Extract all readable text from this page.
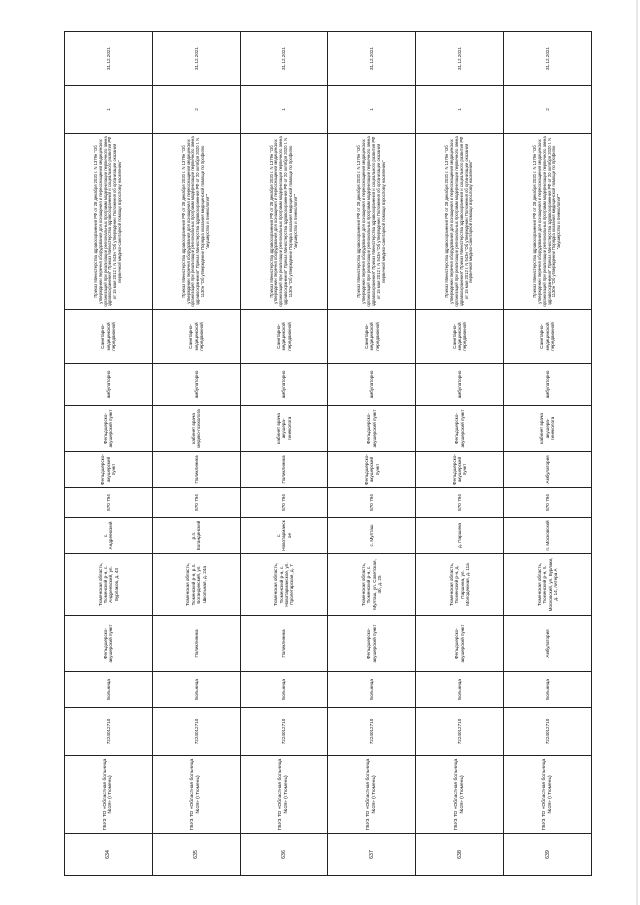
634	ГБУЗ ТО «Областная больница №19» (г.Тюмень)	7224012710	Больница	Фельдшерско-акушерский пункт	Тюменская область, Тюменский р-н, с. Андреевский, ул. Бурлаков, д. 43	с. Андреевский	870 794	Фельдшерско-акушерский пункт	Фельдшерско-акушерский пункт	амбулаторно	Санитарно-медицинской передвижной	Приказ Министерства здравоохранения РФ от 28 декабря 2020 г. N 1379н "Об утверждении перечня оборудования для оснащения и переоснащения медицинских организаций при реализации региональных программ модернизации первичного звена здравоохранения" Приказ Министерства здравоохранения и социального развития РФ от 15 мая 2012 г. N 543н "Об утверждении Положения об организации оказания первичной медико-санитарной помощи взрослому населению"	1	31.12.2021
635	ГБУЗ ТО «Областная больница №19» (г.Тюмень)	7224012710	Больница	Поликлиника	Тюменская область, Тюменский р-н, р.п. Богандинский, ул. Школьная, д. 24а	р.п. Богандинский	870 794	Поликлиника	кабинет врача медико-психолога	амбулаторно	Санитарно-медицинской передвижной	Приказ Министерства здравоохранения РФ от 28 декабря 2020 г. N 1379н "Об утверждении перечня оборудования для оснащения и переоснащения медицинских организаций при реализации региональных программ модернизации первичного звена здравоохранения" Приказ Министерства здравоохранения РФ от 20 октября 2020 г. N 1130н "Об утверждении Порядка оказания медицинской помощи по профилю "акушерство и гинекология""	2	31.12.2021
636	ГБУЗ ТО «Областная больница №19» (г.Тюмень)	7224012710	Больница	Поликлиника	Тюменская область, Тюменский р-н, с. Новотарманское, ул. Пролетарская, д. 7	с. Новотарманское	870 794	Поликлиника	кабинет врача акушера-гинеколога	амбулаторно	Санитарно-медицинской передвижной	Приказ Министерства здравоохранения РФ от 28 декабря 2020 г. N 1379н "Об утверждении перечня оборудования для оснащения и переоснащения медицинских организаций при реализации региональных программ модернизации первичного звена здравоохранения" Приказ Министерства здравоохранения РФ от 20 октября 2020 г. N 1130н "Об утверждении Порядка оказания медицинской помощи по профилю "акушерство и гинекология""	1	31.12.2021
637	ГБУЗ ТО «Областная больница №19» (г.Тюмень)	7224012710	Больница	Фельдшерско-акушерский пункт	Тюменская область, Тюменский р-н, с. Мулташ, ул. Советская, 4б, д. 25	с. Мулташ	870 794	Фельдшерско-акушерский пункт	Фельдшерско-акушерский пункт	амбулаторно	Санитарно-медицинской передвижной	Приказ Министерства здравоохранения РФ от 28 декабря 2020 г. N 1379н "Об утверждении перечня оборудования для оснащения и переоснащения медицинских организаций при реализации региональных программ модернизации первичного звена здравоохранения" Приказ Министерства здравоохранения и социального развития РФ от 15 мая 2012 г. N 543н "Об утверждении Положения об организации оказания первичной медико-санитарной помощи взрослому населению"	1	31.12.2021
638	ГБУЗ ТО «Областная больница №19» (г.Тюмень)	7224012710	Больница	Фельдшерско-акушерский пункт	Тюменская область, Тюменский р-н, д. Паршина, ул. Молодежная, д. 11а	д. Паршина	870 794	Фельдшерско-акушерский пункт	Фельдшерско-акушерский пункт	амбулаторно	Санитарно-медицинской передвижной	Приказ Министерства здравоохранения РФ от 28 декабря 2020 г. N 1379н "Об утверждении перечня оборудования для оснащения и переоснащения медицинских организаций при реализации региональных программ модернизации первичного звена здравоохранения" Приказ Министерства здравоохранения и социального развития РФ от 15 мая 2012 г. N 543н "Об утверждении Положения об организации оказания первичной медико-санитарной помощи взрослому населению"	1	31.12.2021
639	ГБУЗ ТО «Областная больница №19» (г.Тюмень)	7224012710	Больница	Амбулатория	Тюменская область, Тюменский р-н, п. Московский, ул. Бурлаки, д. 14, литера А	п. Московский	870 794	Амбулатория	кабинет врача акушера-гинеколога	амбулаторно	Санитарно-медицинской передвижной	Приказ Министерства здравоохранения РФ от 28 декабря 2020 г. N 1379н "Об утверждении перечня оборудования для оснащения и переоснащения медицинских организаций при реализации региональных программ модернизации первичного звена здравоохранения" Приказ Министерства здравоохранения РФ от 20 октября 2020 г. N 1130н "Об утверждении Порядка оказания медицинской помощи по профилю "акушерство и гинекология""	2	31.12.2021
